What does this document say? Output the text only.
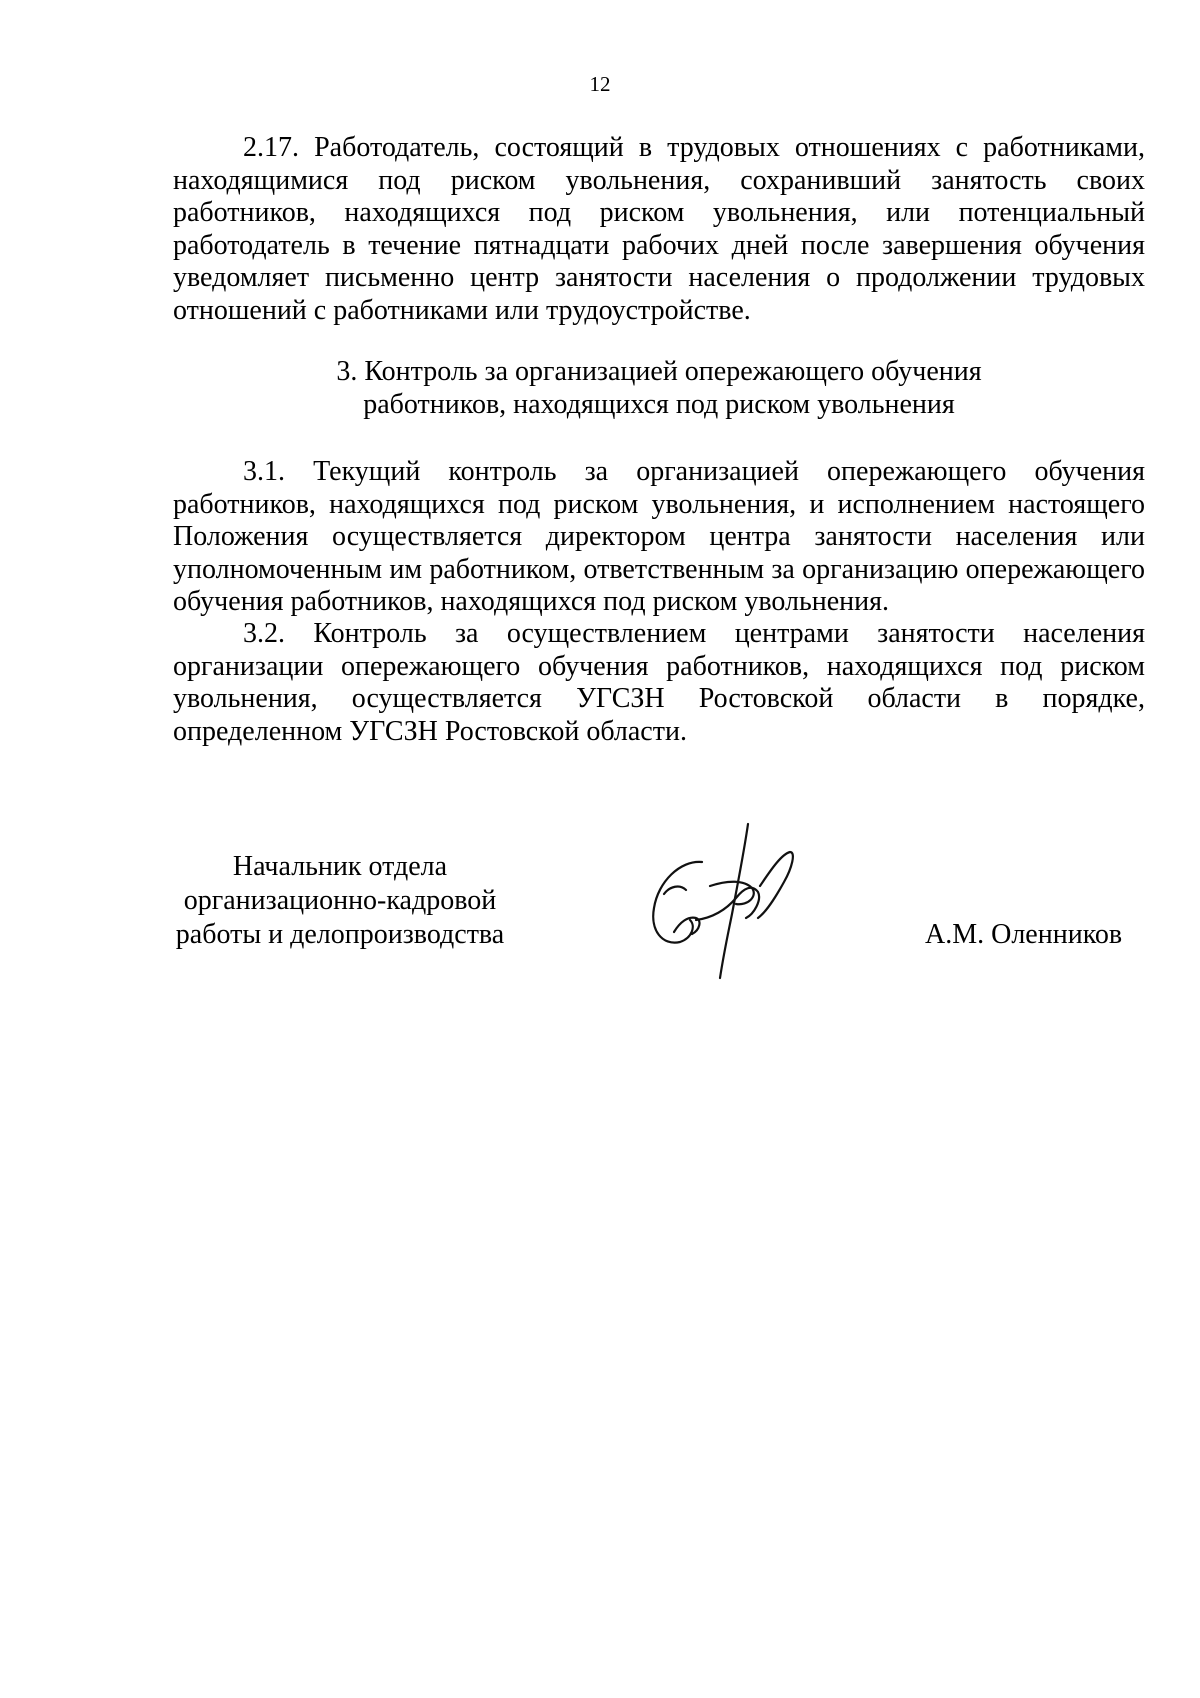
12
2.17. Работодатель, состоящий в трудовых отношениях с работниками, находящимися под риском увольнения, сохранивший занятость своих работников, находящихся под риском увольнения, или потенциальный работодатель в течение пятнадцати рабочих дней после завершения обучения уведомляет письменно центр занятости населения о продолжении трудовых отношений с работниками или трудоустройстве.
3. Контроль за организацией опережающего обучения
работников, находящихся под риском увольнения
3.1. Текущий контроль за организацией опережающего обучения работников, находящихся под риском увольнения, и исполнением настоящего Положения осуществляется директором центра занятости населения или уполномоченным им работником, ответственным за организацию опережающего обучения работников, находящихся под риском увольнения.
3.2. Контроль за осуществлением центрами занятости населения организации опережающего обучения работников, находящихся под риском увольнения, осуществляется УГСЗН Ростовской области в порядке, определенном УГСЗН Ростовской области.
Начальник отдела
организационно-кадровой
работы и делопроизводства	А.М. Оленников
